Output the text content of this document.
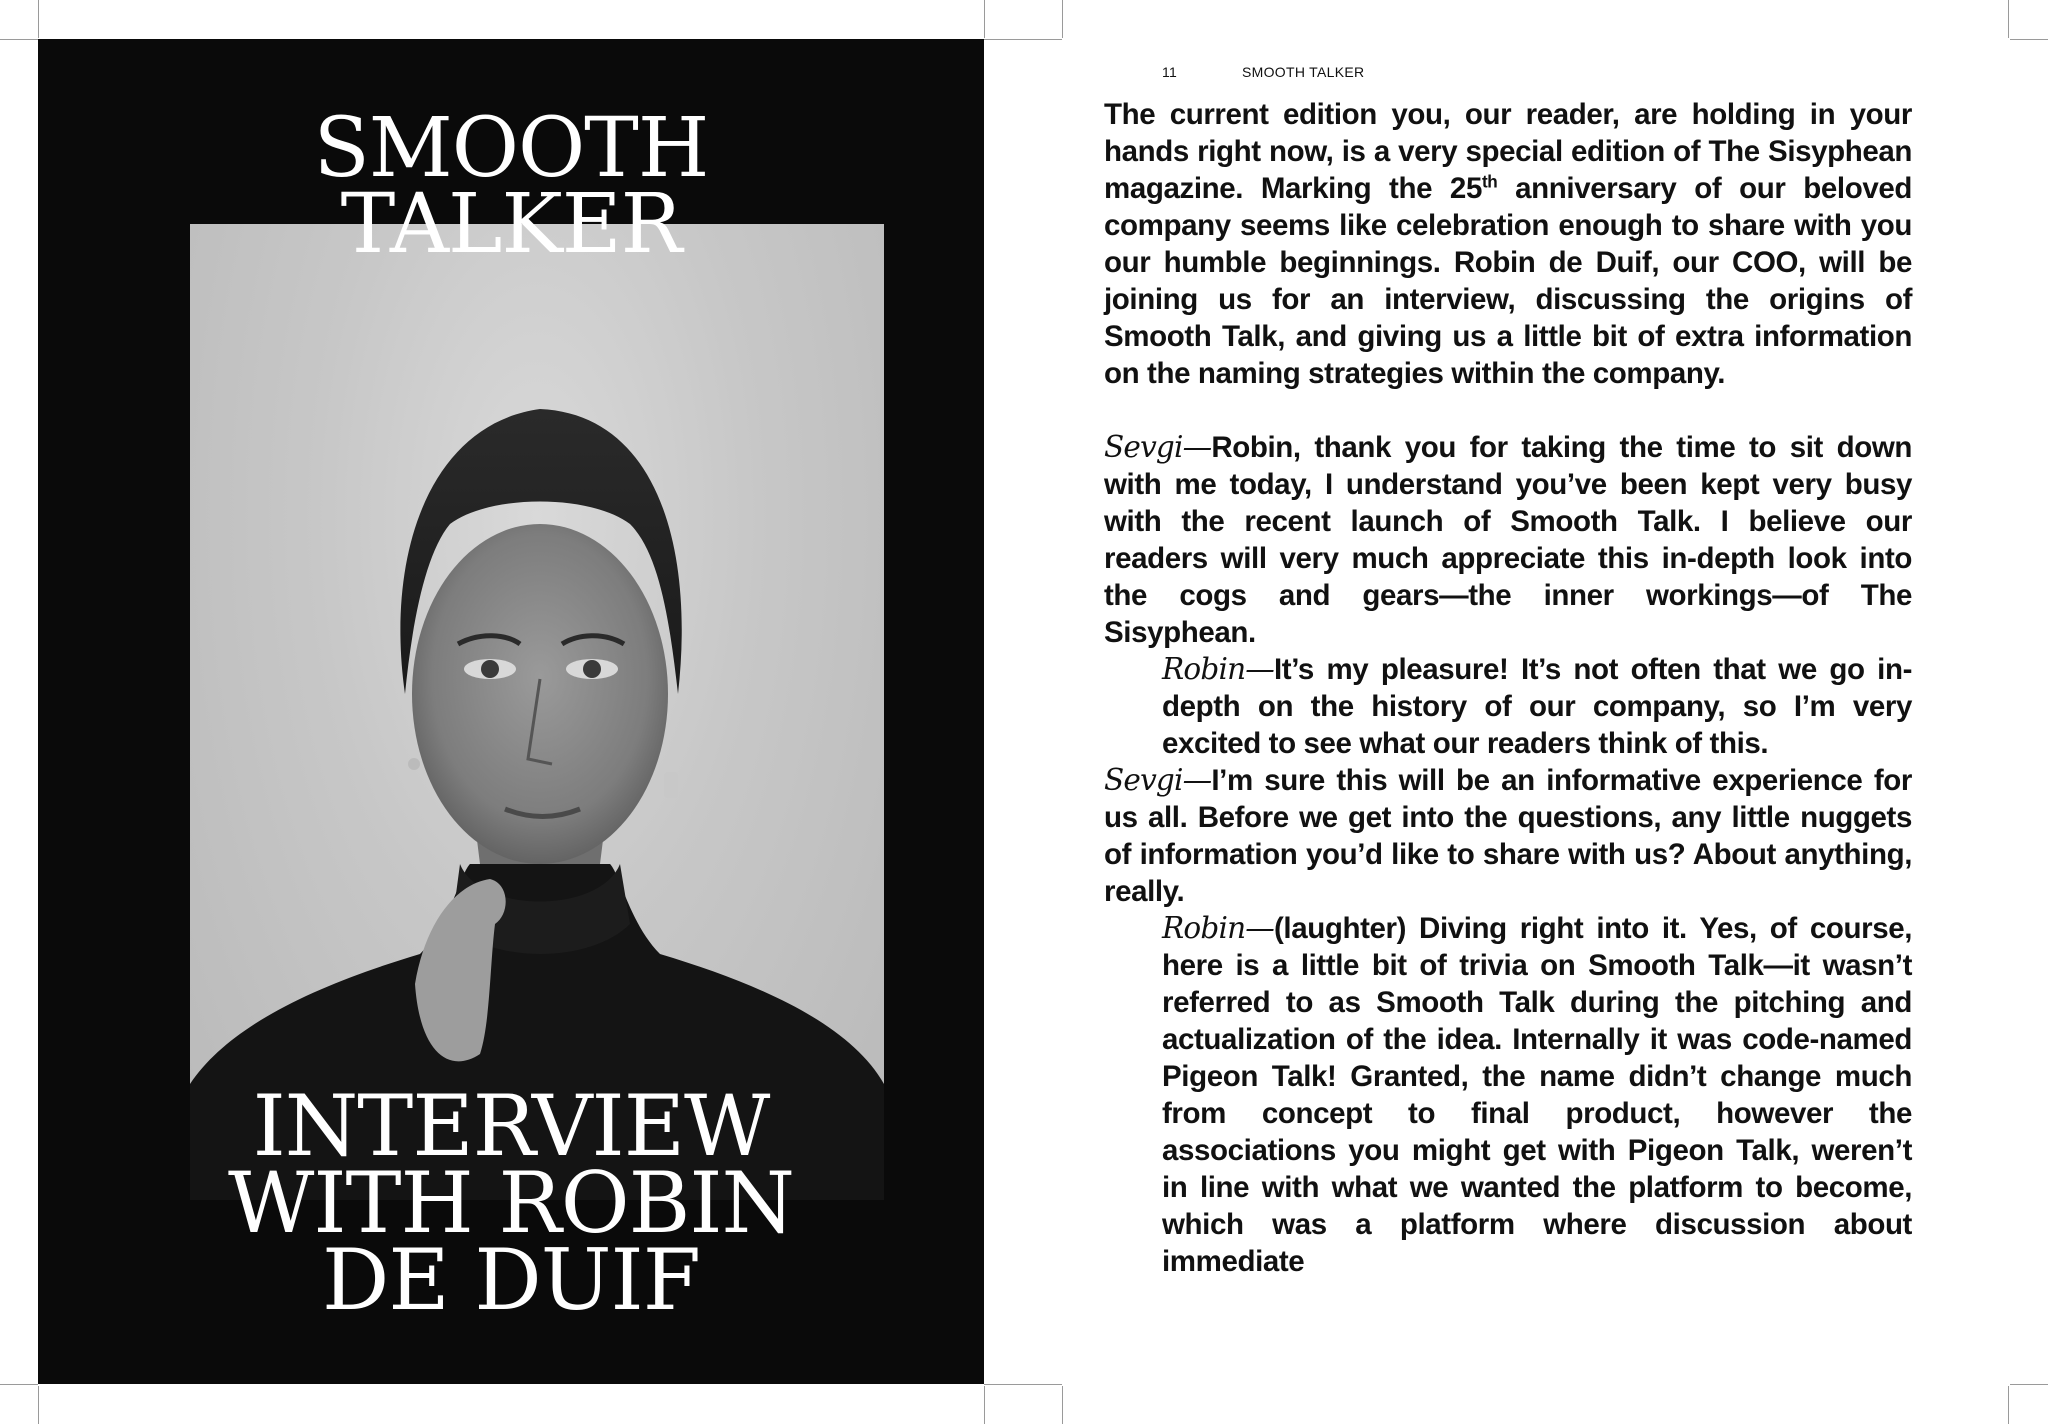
SMOOTH
TALKER
INTERVIEW
WITH ROBIN
DE DUIF
11	SMOOTH TALKER

The current edition you, our reader, are holding in your hands right now, is a very special edition of The Sisyphean magazine. Marking the 25th anniversary of our beloved company seems like celebration enough to share with you our humble beginnings. Robin de Duif, our COO, will be joining us for an interview, discussing the origins of Smooth Talk, and giving us a little bit of extra information on the naming strategies within the company.

Sevgi—Robin, thank you for taking the time to sit down with me today, I understand you’ve been kept very busy with the recent launch of Smooth Talk. I believe our readers will very much appreciate this in-depth look into the cogs and gears—the inner workings—of The Sisyphean.

Robin—It’s my pleasure! It’s not often that we go in-depth on the history of our company, so I’m very excited to see what our readers think of this.

Sevgi—I’m sure this will be an informative experience for us all. Before we get into the questions, any little nuggets of information you’d like to share with us? About anything, really.

Robin—(laughter) Diving right into it. Yes, of course, here is a little bit of trivia on Smooth Talk—it wasn’t referred to as Smooth Talk during the pitching and actualization of the idea. Internally it was code-named Pigeon Talk! Granted, the name didn’t change much from concept to final product, however the associations you might get with Pigeon Talk, weren’t in line with what we wanted the platform to become, which was a platform where discussion about immediate
